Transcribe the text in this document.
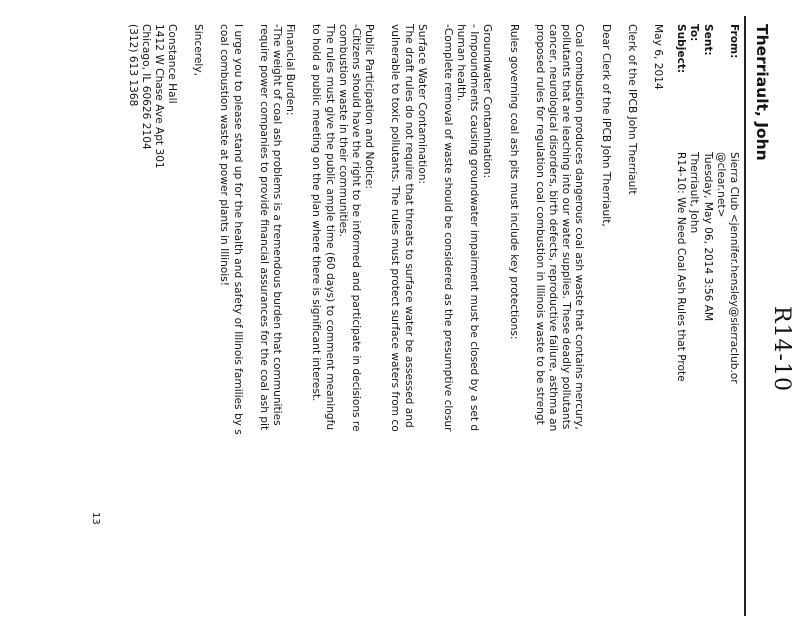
R14-10
Therriault, John
From:
Sierra Club <jennifer.hensley@sierraclub.or
@clear.net>
Sent:
Tuesday, May 06, 2014 3:56 AM
To:
Therriault, John
Subject:
R14-10: We Need Coal Ash Rules that Prote
May 6, 2014
Clerk of the IPCB John Therriault
Dear Clerk of the IPCB John Therriault,
Coal combustion produces dangerous coal ash waste that contains mercury,
pollutants that are leaching into our water supplies. These deadly pollutants
cancer, neurological disorders, birth defects, reproductive failure, asthma an
proposed rules for regulation coal combustion in Illinois waste to be strengt
Rules governing coal ash pits must include key protections:
Groundwater Contamination:
- Impoundments causing groundwater impairment must be closed by a set d
human health.
-Complete removal of waste should be considered as the presumptive closur
Surface Water Contamination:
The draft rules do not require that threats to surface water be assessed and
vulnerable to toxic pollutants. The rules must protect surface waters from co
Public Participation and Notice:
-Citizens should have the right to be informed and participate in decisions re
combustion waste in their communities.
The rules must give the public ample time (60 days) to comment meaningfu
to hold a public meeting on the plan where there is significant interest.
Financial Burden:
-The weight of coal ash problems is a tremendous burden that communities
require power companies to provide financial assurances for the coal ash pit
I urge you to please stand up for the health and safety of Illinois families by s
coal combustion waste at power plants in Illinois!
Sincerely,
Constance Hall
1412 W Chase Ave Apt 301
Chicago, IL 60626 2104
(312) 613 1368
13
